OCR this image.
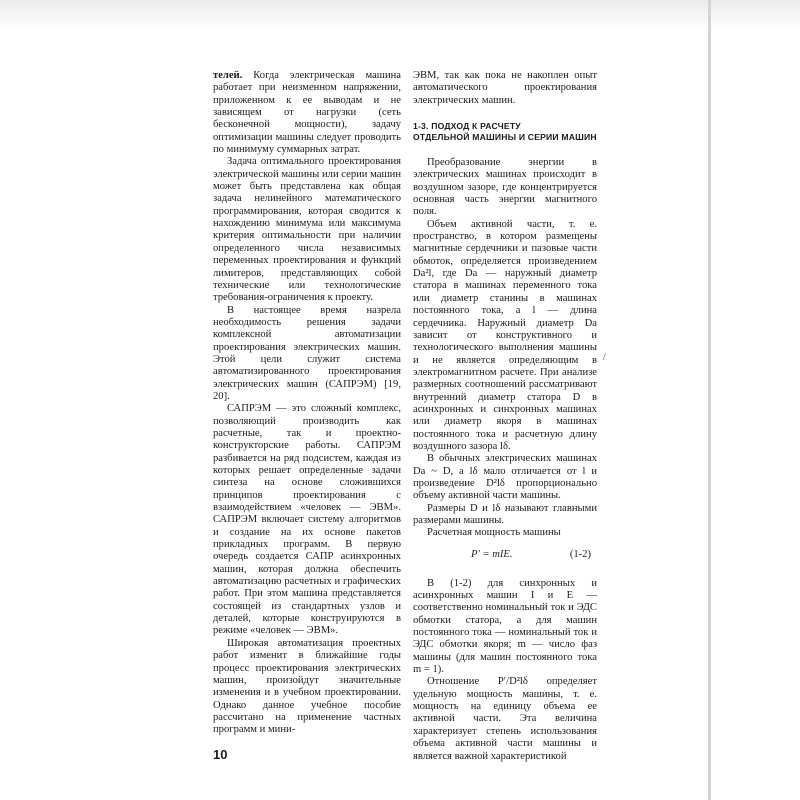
телей. Когда электрическая машина работает при неизменном напряжении, приложенном к ее выводам и не зависящем от нагрузки (сеть бесконечной мощности), задачу оптимизации машины следует проводить по минимуму суммарных затрат.

Задача оптимального проектирования электрической машины или серии машин может быть представлена как общая задача нелинейного математического программирования, которая сводится к нахождению минимума или максимума критерия оптимальности при наличии определенного числа независимых переменных проектирования и функций лимитеров, представляющих собой технические или технологические требования-ограничения к проекту.

В настоящее время назрела необходимость решения задачи комплексной автоматизации проектирования электрических машин. Этой цели служит система автоматизированного проектирования электрических машин (САПРЭМ) [19, 20].

САПРЭМ — это сложный комплекс, позволяющий производить как расчетные, так и проектно-конструкторские работы. САПРЭМ разбивается на ряд подсистем, каждая из которых решает определенные задачи синтеза на основе сложившихся принципов проектирования с взаимодействием «человек — ЭВМ». САПРЭМ включает систему алгоритмов и создание на их основе пакетов прикладных программ. В первую очередь создается САПР асинхронных машин, которая должна обеспечить автоматизацию расчетных и графических работ. При этом машина представляется состоящей из стандартных узлов и деталей, которые конструируются в режиме «человек — ЭВМ».

Широкая автоматизация проектных работ изменит в ближайшие годы процесс проектирования электрических машин, произойдут значительные изменения и в учебном проектировании. Однако данное учебное пособие рассчитано на применение частных программ и мини-

ЭВМ, так как пока не накоплен опыт автоматического проектирования электрических машин.

1-3. ПОДХОД К РАСЧЕТУ
ОТДЕЛЬНОЙ МАШИНЫ И СЕРИИ МАШИН

Преобразование энергии в электрических машинах происходит в воздушном зазоре, где концентрируется основная часть энергии магнитного поля.

Объем активной части, т. е. пространство, в котором размещены магнитные сердечники и пазовые части обмоток, определяется произведением Da²l, где Da — наружный диаметр статора в машинах переменного тока или диаметр станины в машинах постоянного тока, а l — длина сердечника. Наружный диаметр Da зависит от конструктивного и технологического выполнения машины и не является определяющим в электромагнитном расчете. При анализе размерных соотношений рассматривают внутренний диаметр статора D в асинхронных и синхронных машинах или диаметр якоря в машинах постоянного тока и расчетную длину воздушного зазора lδ.

В обычных электрических машинах Da ~ D, а lδ мало отличается от l и произведение D²lδ пропорционально объему активной части машины.

Размеры D и lδ называют главными размерами машины.

Расчетная мощность машины

P′ = mIE.	(1-2)

В (1-2) для синхронных и асинхронных машин I и E — соответственно номинальный ток и ЭДС обмотки статора, а для машин постоянного тока — номинальный ток и ЭДС обмотки якоря; m — число фаз машины (для машин постоянного тока m = 1).

Отношение P′/D²lδ определяет удельную мощность машины, т. е. мощность на единицу объема ее активной части. Эта величина характеризует степень использования объема активной части машины и является важной характеристикой

/
10
